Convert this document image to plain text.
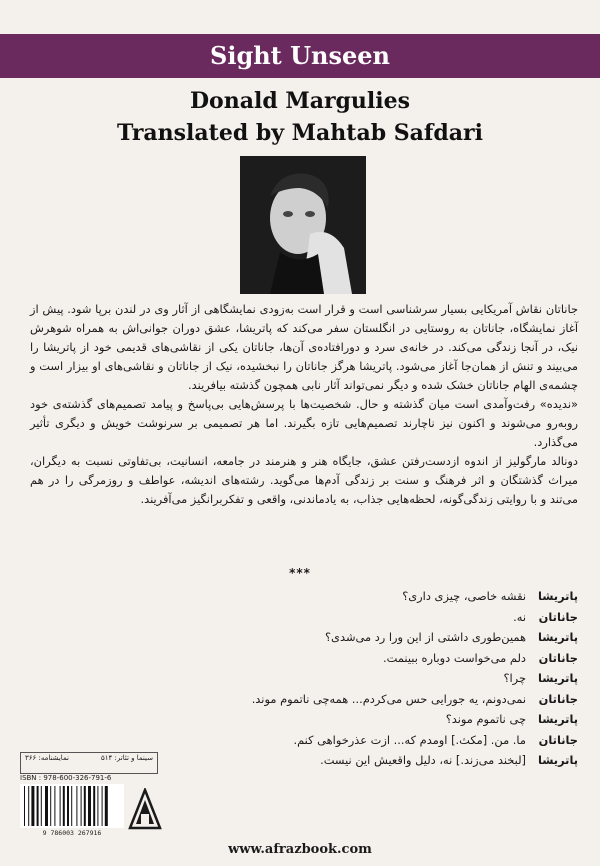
Sight Unseen
Donald Margulies
Translated by Mahtab Safdari

جاناتان نقاش آمریکایی بسیار سرشناسی است و قرار است به‌زودی نمایشگاهی از آثار وی در لندن برپا شود. پیش از آغاز نمایشگاه، جاناتان به روستایی در انگلستان سفر می‌کند که پاتریشا، عشق دوران جوانی‌اش به همراه شوهرش نیک، در آنجا زندگی می‌کند. در خانه‌ی سرد و دورافتاده‌ی آن‌ها، جاناتان یکی از نقاشی‌های قدیمی خود از پاتریشا را می‌بیند و تنش از همان‌جا آغاز می‌شود. پاتریشا هرگز جاناتان را نبخشیده، نیک از جاناتان و نقاشی‌های او بیزار است و چشمه‌ی الهام جاناتان خشک شده و دیگر نمی‌تواند آثار نابی همچون گذشته بیافریند.

«ندیده» رفت‌وآمدی است میان گذشته و حال. شخصیت‌ها با پرسش‌هایی بی‌پاسخ و پیامد تصمیم‌های گذشته‌ی خود روبه‌رو می‌شوند و اکنون نیز ناچارند تصمیم‌هایی تازه بگیرند. اما هر تصمیمی بر سرنوشت خویش و دیگری تأثیر می‌گذارد.

دونالد مارگولیز از اندوه ازدست‌رفتن عشق، جایگاه هنر و هنرمند در جامعه، انسانیت، بی‌تفاوتی نسبت به دیگران، میراث گذشتگان و اثر فرهنگ و سنت بر زندگی آدم‌ها می‌گوید. رشته‌های اندیشه، عواطف و روزمرگی را در هم می‌تند و با روایتی زندگی‌گونه، لحظه‌هایی جذاب، به یادماندنی، واقعی و تفکربرانگیز می‌آفریند.

***
پاتریشا
نقشه خاصی، چیزی داری؟
جاناتان
نه.
پاتریشا
همین‌طوری داشتی از این ورا رد می‌شدی؟
جاناتان
دلم می‌خواست دوباره ببینمت.
پاتریشا
چرا؟
جاناتان
نمی‌دونم، یه جورایی حس می‌کردم... همه‌چی ناتموم موند.
پاتریشا
چی ناتموم موند؟
جاناتان
ما. من. [مکث.] اومدم که... ازت عذرخواهی کنم.
پاتریشا
[لبخند می‌زند.] نه، دلیل واقعیش این نیست.
سینما و تئاتر: ۵۱۴
نمایشنامه: ۳۶۶
ISBN : 978-600-326-791-6
9 786003 267916
www.afrazbook.com
